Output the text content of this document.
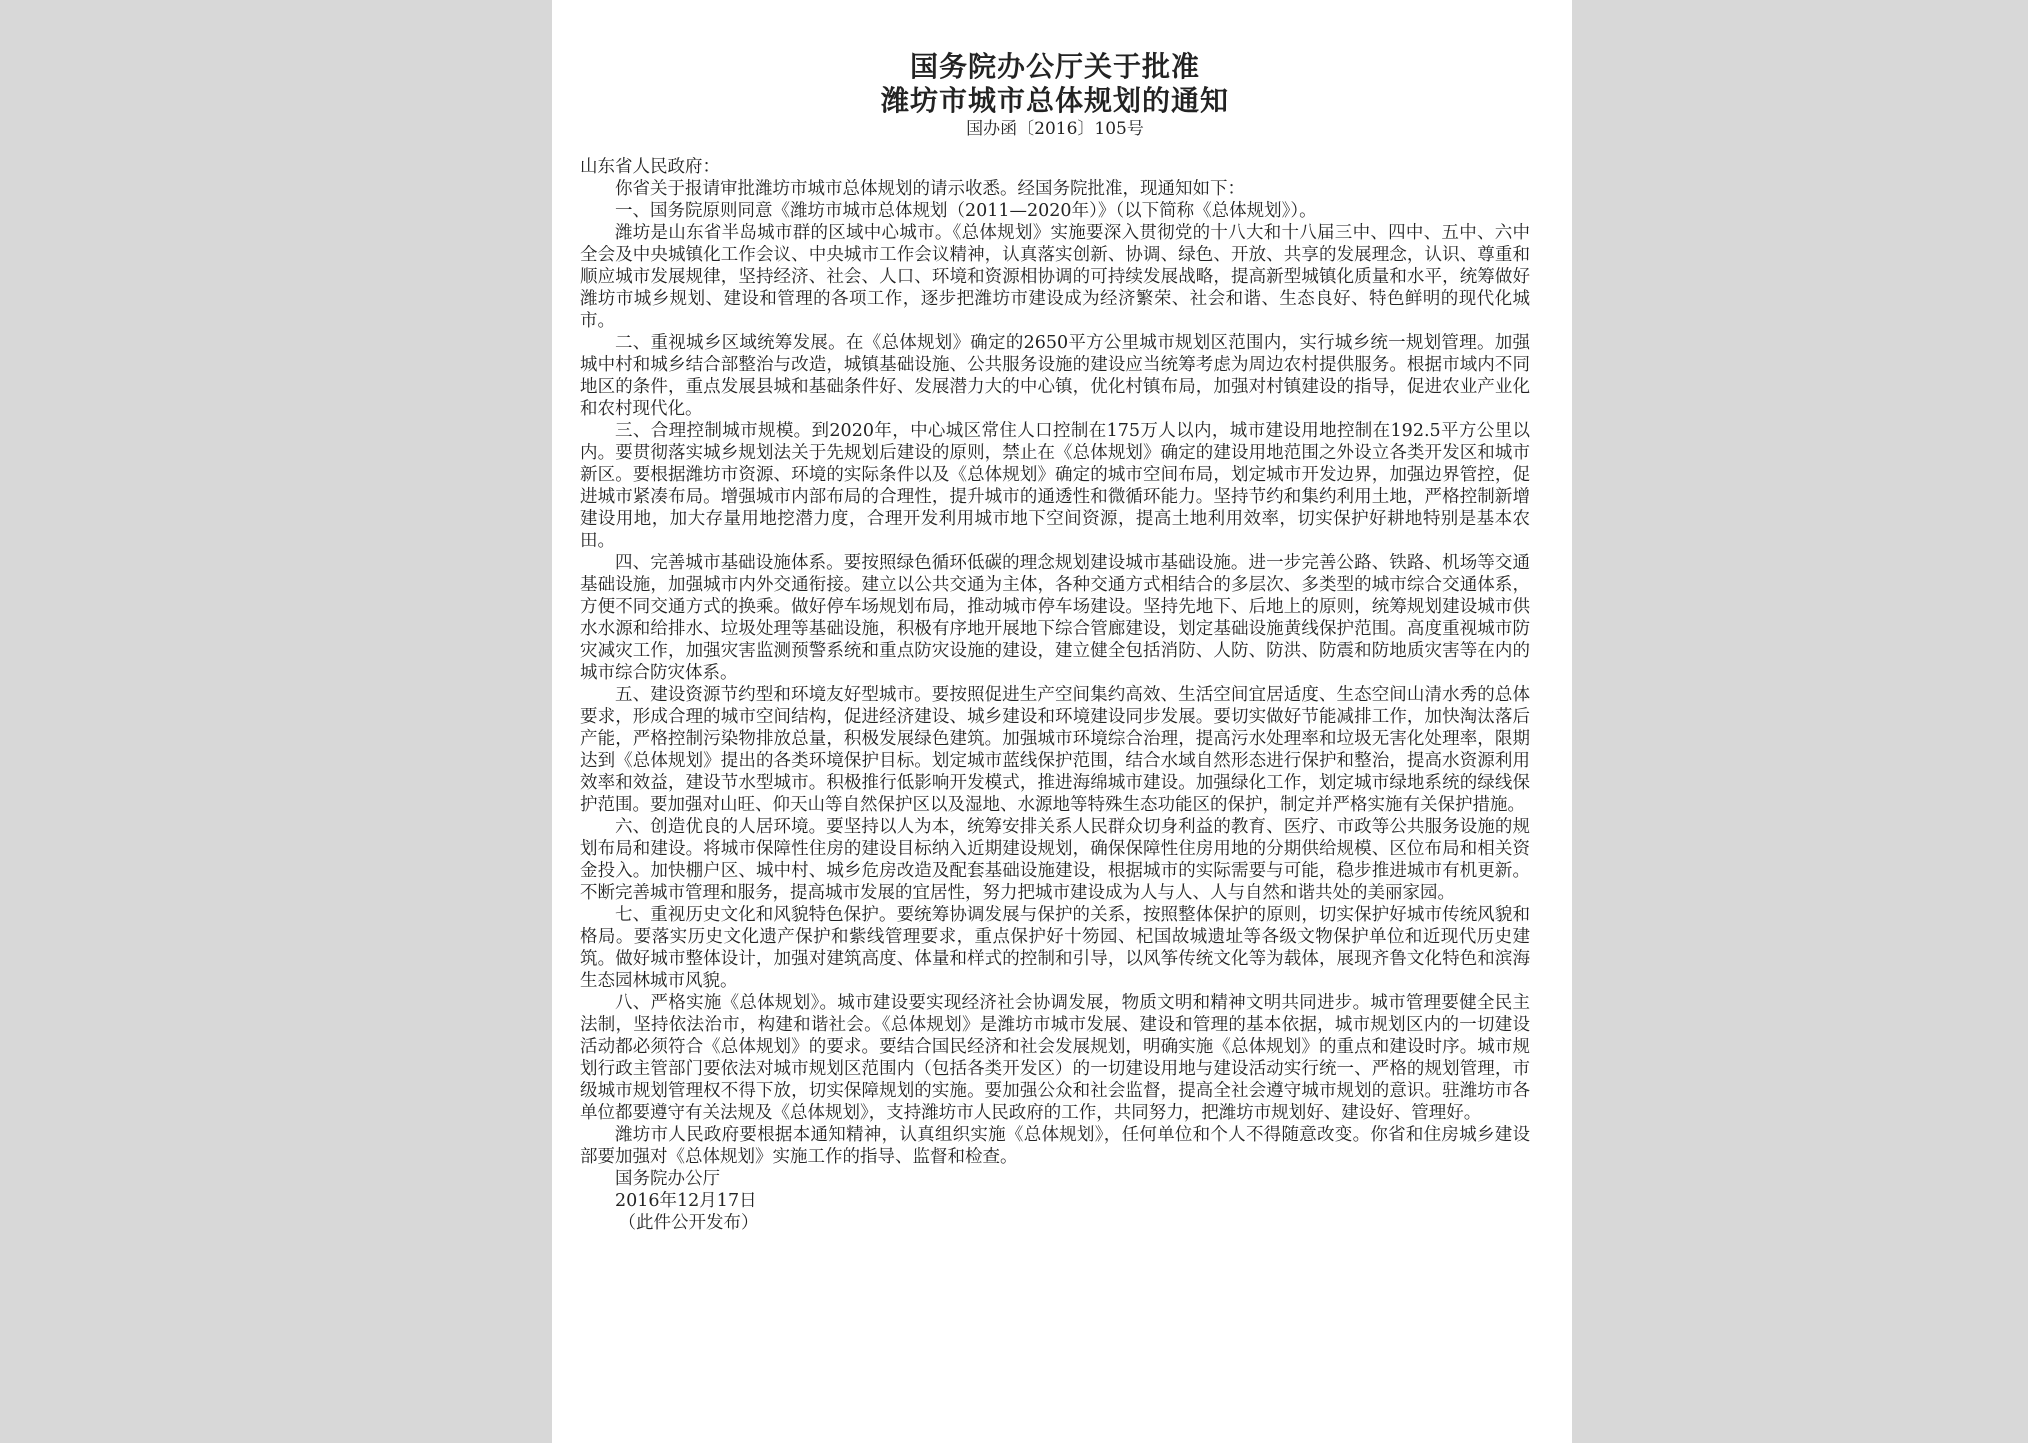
国务院办公厅关于批准
潍坊市城市总体规划的通知
国办函〔2016〕105号

山东省人民政府：

你省关于报请审批潍坊市城市总体规划的请示收悉。经国务院批准，现通知如下：

一、国务院原则同意《潍坊市城市总体规划（2011—2020年）》（以下简称《总体规划》）。

潍坊是山东省半岛城市群的区域中心城市。《总体规划》实施要深入贯彻党的十八大和十八届三中、四中、五中、六中全会及中央城镇化工作会议、中央城市工作会议精神，认真落实创新、协调、绿色、开放、共享的发展理念，认识、尊重和顺应城市发展规律，坚持经济、社会、人口、环境和资源相协调的可持续发展战略，提高新型城镇化质量和水平，统筹做好潍坊市城乡规划、建设和管理的各项工作，逐步把潍坊市建设成为经济繁荣、社会和谐、生态良好、特色鲜明的现代化城市。

二、重视城乡区域统筹发展。在《总体规划》确定的2650平方公里城市规划区范围内，实行城乡统一规划管理。加强城中村和城乡结合部整治与改造，城镇基础设施、公共服务设施的建设应当统筹考虑为周边农村提供服务。根据市域内不同地区的条件，重点发展县城和基础条件好、发展潜力大的中心镇，优化村镇布局，加强对村镇建设的指导，促进农业产业化和农村现代化。

三、合理控制城市规模。到2020年，中心城区常住人口控制在175万人以内，城市建设用地控制在192.5平方公里以内。要贯彻落实城乡规划法关于先规划后建设的原则，禁止在《总体规划》确定的建设用地范围之外设立各类开发区和城市新区。要根据潍坊市资源、环境的实际条件以及《总体规划》确定的城市空间布局，划定城市开发边界，加强边界管控，促进城市紧凑布局。增强城市内部布局的合理性，提升城市的通透性和微循环能力。坚持节约和集约利用土地，严格控制新增建设用地，加大存量用地挖潜力度，合理开发利用城市地下空间资源，提高土地利用效率，切实保护好耕地特别是基本农田。

四、完善城市基础设施体系。要按照绿色循环低碳的理念规划建设城市基础设施。进一步完善公路、铁路、机场等交通基础设施，加强城市内外交通衔接。建立以公共交通为主体，各种交通方式相结合的多层次、多类型的城市综合交通体系，方便不同交通方式的换乘。做好停车场规划布局，推动城市停车场建设。坚持先地下、后地上的原则，统筹规划建设城市供水水源和给排水、垃圾处理等基础设施，积极有序地开展地下综合管廊建设，划定基础设施黄线保护范围。高度重视城市防灾减灾工作，加强灾害监测预警系统和重点防灾设施的建设，建立健全包括消防、人防、防洪、防震和防地质灾害等在内的城市综合防灾体系。

五、建设资源节约型和环境友好型城市。要按照促进生产空间集约高效、生活空间宜居适度、生态空间山清水秀的总体要求，形成合理的城市空间结构，促进经济建设、城乡建设和环境建设同步发展。要切实做好节能减排工作，加快淘汰落后产能，严格控制污染物排放总量，积极发展绿色建筑。加强城市环境综合治理，提高污水处理率和垃圾无害化处理率，限期达到《总体规划》提出的各类环境保护目标。划定城市蓝线保护范围，结合水域自然形态进行保护和整治，提高水资源利用效率和效益，建设节水型城市。积极推行低影响开发模式，推进海绵城市建设。加强绿化工作，划定城市绿地系统的绿线保护范围。要加强对山旺、仰天山等自然保护区以及湿地、水源地等特殊生态功能区的保护，制定并严格实施有关保护措施。

六、创造优良的人居环境。要坚持以人为本，统筹安排关系人民群众切身利益的教育、医疗、市政等公共服务设施的规划布局和建设。将城市保障性住房的建设目标纳入近期建设规划，确保保障性住房用地的分期供给规模、区位布局和相关资金投入。加快棚户区、城中村、城乡危房改造及配套基础设施建设，根据城市的实际需要与可能，稳步推进城市有机更新。不断完善城市管理和服务，提高城市发展的宜居性，努力把城市建设成为人与人、人与自然和谐共处的美丽家园。

七、重视历史文化和风貌特色保护。要统筹协调发展与保护的关系，按照整体保护的原则，切实保护好城市传统风貌和格局。要落实历史文化遗产保护和紫线管理要求，重点保护好十笏园、杞国故城遗址等各级文物保护单位和近现代历史建筑。做好城市整体设计，加强对建筑高度、体量和样式的控制和引导，以风筝传统文化等为载体，展现齐鲁文化特色和滨海生态园林城市风貌。

八、严格实施《总体规划》。城市建设要实现经济社会协调发展，物质文明和精神文明共同进步。城市管理要健全民主法制，坚持依法治市，构建和谐社会。《总体规划》是潍坊市城市发展、建设和管理的基本依据，城市规划区内的一切建设活动都必须符合《总体规划》的要求。要结合国民经济和社会发展规划，明确实施《总体规划》的重点和建设时序。城市规划行政主管部门要依法对城市规划区范围内（包括各类开发区）的一切建设用地与建设活动实行统一、严格的规划管理，市级城市规划管理权不得下放，切实保障规划的实施。要加强公众和社会监督，提高全社会遵守城市规划的意识。驻潍坊市各单位都要遵守有关法规及《总体规划》，支持潍坊市人民政府的工作，共同努力，把潍坊市规划好、建设好、管理好。

潍坊市人民政府要根据本通知精神，认真组织实施《总体规划》，任何单位和个人不得随意改变。你省和住房城乡建设部要加强对《总体规划》实施工作的指导、监督和检查。

国务院办公厅
2016年12月17日
（此件公开发布）
